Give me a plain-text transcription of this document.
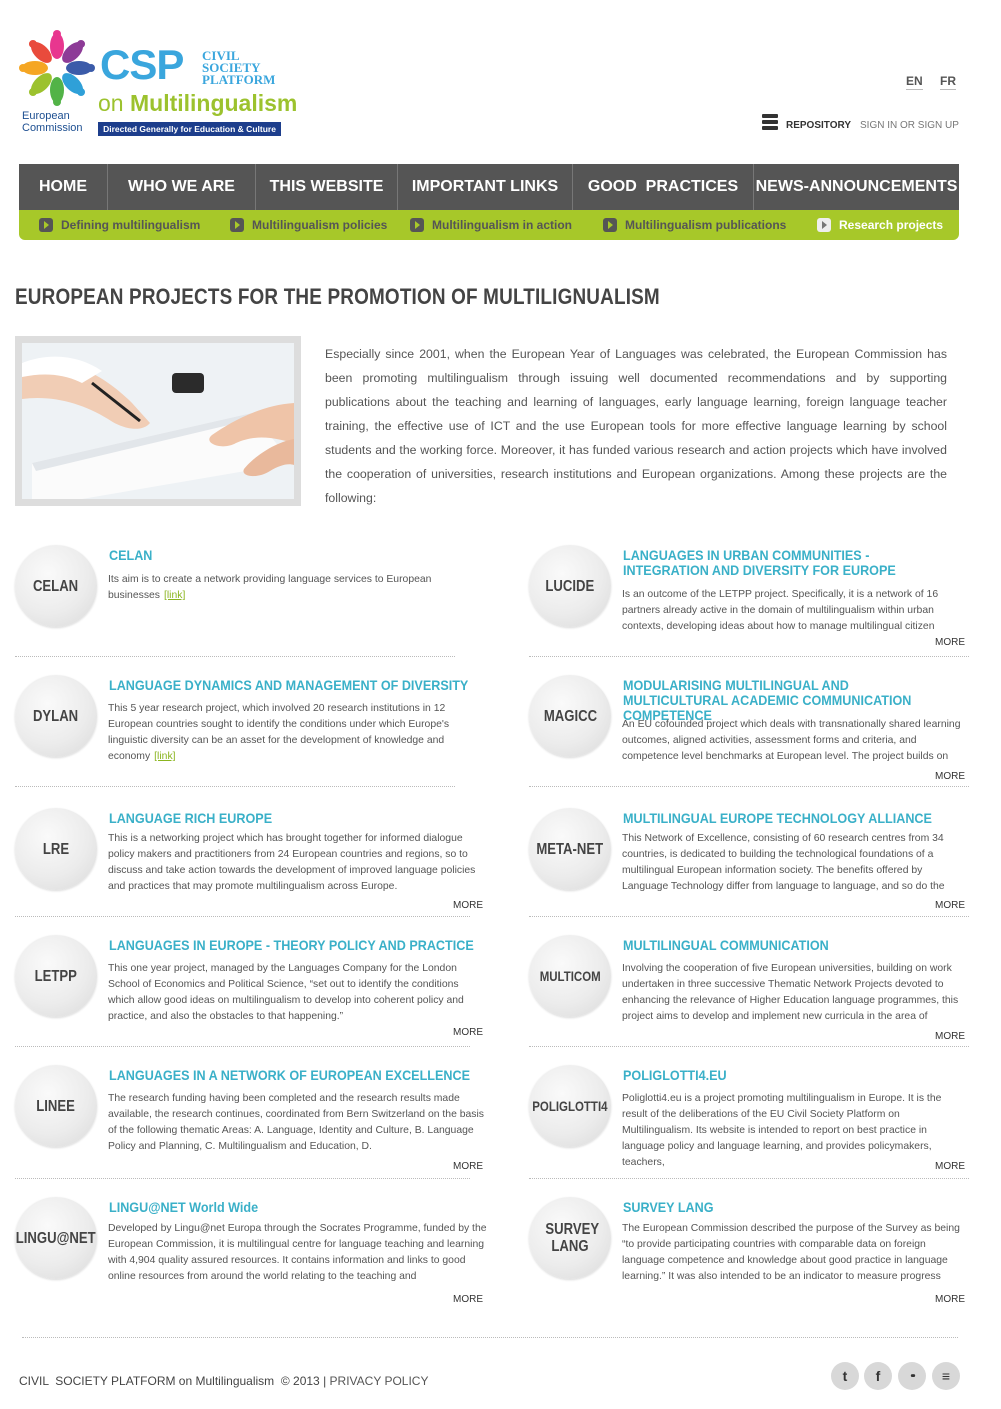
European
Commission
CSP CIVIL
SOCIETY
PLATFORM
on Multilingualism
Directed Generally for Education & Culture
EN FR
REPOSITORY SIGN IN OR SIGN UP
HOME	WHO WE ARE	THIS WEBSITE	IMPORTANT LINKS	GOOD  PRACTICES	NEWS-ANNOUNCEMENTS
Defining multilingualism	Multilingualism policies	Multilingualism in action	Multilingualism publications	Research projects
EUROPEAN PROJECTS FOR THE PROMOTION OF MULTILIGNUALISM

Especially since 2001, when the European Year of Languages was celebrated, the European Commission has been promoting multilingualism through issuing well documented recommendations and by supporting publications about the teaching and learning of languages, early language learning, foreign language teacher training, the effective use of ICT and the use European tools for more effective language learning by school students and the working force. Moreover, it has funded various research and action projects which have involved the cooperation of universities, research institutions and European organizations. Among these projects are the following:

CELAN
CELAN
Its aim is to create a network providing language services to European businesses [link]
DYLAN
LANGUAGE DYNAMICS AND MANAGEMENT OF DIVERSITY
This 5 year research project, which involved 20 research institutions in 12 European countries sought to identify the conditions under which Europe's linguistic diversity can be an asset for the development of knowledge and economy [link]
LRE
LANGUAGE RICH EUROPE
This is a networking project which has brought together for informed dialogue policy makers and practitioners from 24 European countries and regions, so to discuss and take action towards the development of improved language policies and practices that may promote multilingualism across Europe.
MORE
LETPP
LANGUAGES IN EUROPE - THEORY POLICY AND PRACTICE
This one year project, managed by the Languages Company for the London School of Economics and Political Science, “set out to identify the conditions which allow good ideas on multilingualism to develop into coherent policy and practice, and also the obstacles to that happening.”
MORE
LINEE
LANGUAGES IN A NETWORK OF EUROPEAN EXCELLENCE
The research funding having been completed and the research results made available, the research continues, coordinated from Bern Switzerland on the basis of the following thematic Areas: A. Language, Identity and Culture, B. Language Policy and Planning, C. Multilingualism and Education, D.
MORE
LINGU@NET
LINGU@NET World Wide
Developed by Lingu@net Europa through the Socrates Programme, funded by the European Commission, it is multilingual centre for language teaching and learning with 4,904 quality assured resources. It contains information and links to good online resources from around the world relating to the teaching and
MORE
LUCIDE
LANGUAGES IN URBAN COMMUNITIES - INTEGRATION AND DIVERSITY FOR EUROPE
Is an outcome of the LETPP project. Specifically, it is a network of 16 partners already active in the domain of multilingualism within urban contexts, developing ideas about how to manage multilingual citizen
MORE
MAGICC
MODULARISING MULTILINGUAL AND MULTICULTURAL ACADEMIC COMMUNICATION COMPETENCE
An EU cofounded project which deals with transnationally shared learning outcomes, aligned activities, assessment forms and criteria, and competence level benchmarks at European level. The project builds on
MORE
META-NET
MULTILINGUAL EUROPE TECHNOLOGY ALLIANCE
This Network of Excellence, consisting of 60 research centres from 34 countries, is dedicated to building the technological foundations of a multilingual European information society. The benefits offered by Language Technology differ from language to language, and so do the
MORE
MULTICOM
MULTILINGUAL COMMUNICATION
Involving the cooperation of five European universities, building on work undertaken in three successive Thematic Network Projects devoted to enhancing the relevance of Higher Education language programmes, this project aims to develop and implement new curricula in the area of
MORE
POLIGLOTTI4
POLIGLOTTI4.EU
Poliglotti4.eu is a project promoting multilingualism in Europe. It is the result of the deliberations of the EU Civil Society Platform on Multilingualism. Its website is intended to report on best practice in language policy and language learning, and provides policymakers, teachers,	MORE
SURVEY LANG
SURVEY LANG
The European Commission described the purpose of the Survey as being “to provide participating countries with comparable data on foreign language competence and knowledge about good practice in language learning.” It was also intended to be an indicator to measure progress
MORE
CIVIL  SOCIETY PLATFORM on Multilingualism © 2013 | PRIVACY POLICY	t	f	••	≡
